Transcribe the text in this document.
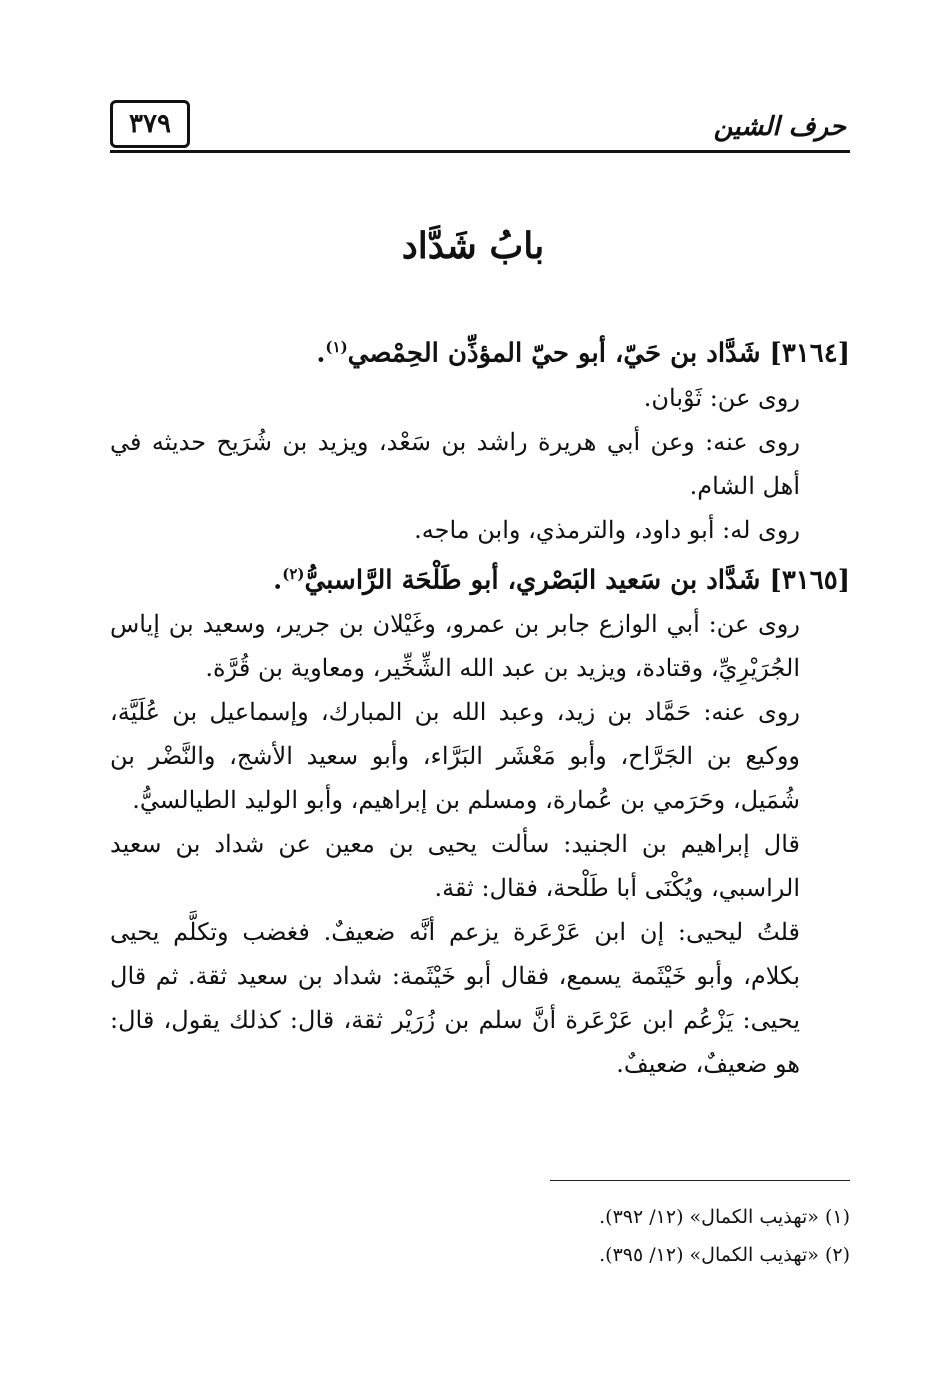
٣٧٩	حرف الشين
بابُ شَدَّاد

[٣١٦٤] شَدَّاد بن حَيّ، أبو حيّ المؤذِّن الحِمْصي$^{(١)}$.

روى عن: ثَوْبان.

روى عنه: وعن أبي هريرة راشد بن سَعْد، ويزيد بن شُرَيح حديثه في أهل الشام.

روى له: أبو داود، والترمذي، وابن ماجه.

[٣١٦٥] شَدَّاد بن سَعيد البَصْري، أبو طَلْحَة الرَّاسبيُّ$^{(٢)}$.

روى عن: أبي الوازع جابر بن عمرو، وغَيْلان بن جرير، وسعيد بن إياس الجُرَيْرِيِّ، وقتادة، ويزيد بن عبد الله الشِّخِّير، ومعاوية بن قُرَّة.

روى عنه: حَمَّاد بن زيد، وعبد الله بن المبارك، وإسماعيل بن عُلَيَّة، ووكيع بن الجَرَّاح، وأبو مَعْشَر البَرَّاء، وأبو سعيد الأشج، والنَّضْر بن شُمَيل، وحَرَمي بن عُمارة، ومسلم بن إبراهيم، وأبو الوليد الطيالسيُّ.

قال إبراهيم بن الجنيد: سألت يحيى بن معين عن شداد بن سعيد الراسبي، ويُكْنَى أبا طَلْحة، فقال: ثقة.

قلتُ ليحيى: إن ابن عَرْعَرة يزعم أنَّه ضعيفٌ. فغضب وتكلَّم يحيى بكلام، وأبو خَيْثَمة يسمع، فقال أبو خَيْثَمة: شداد بن سعيد ثقة. ثم قال يحيى: يَزْعُم ابن عَرْعَرة أنَّ سلم بن زُرَيْر ثقة، قال: كذلك يقول، قال: هو ضعيفٌ، ضعيفٌ.

(١) «تهذيب الكمال» (١٢/ ٣٩٢).

(٢) «تهذيب الكمال» (١٢/ ٣٩٥).
